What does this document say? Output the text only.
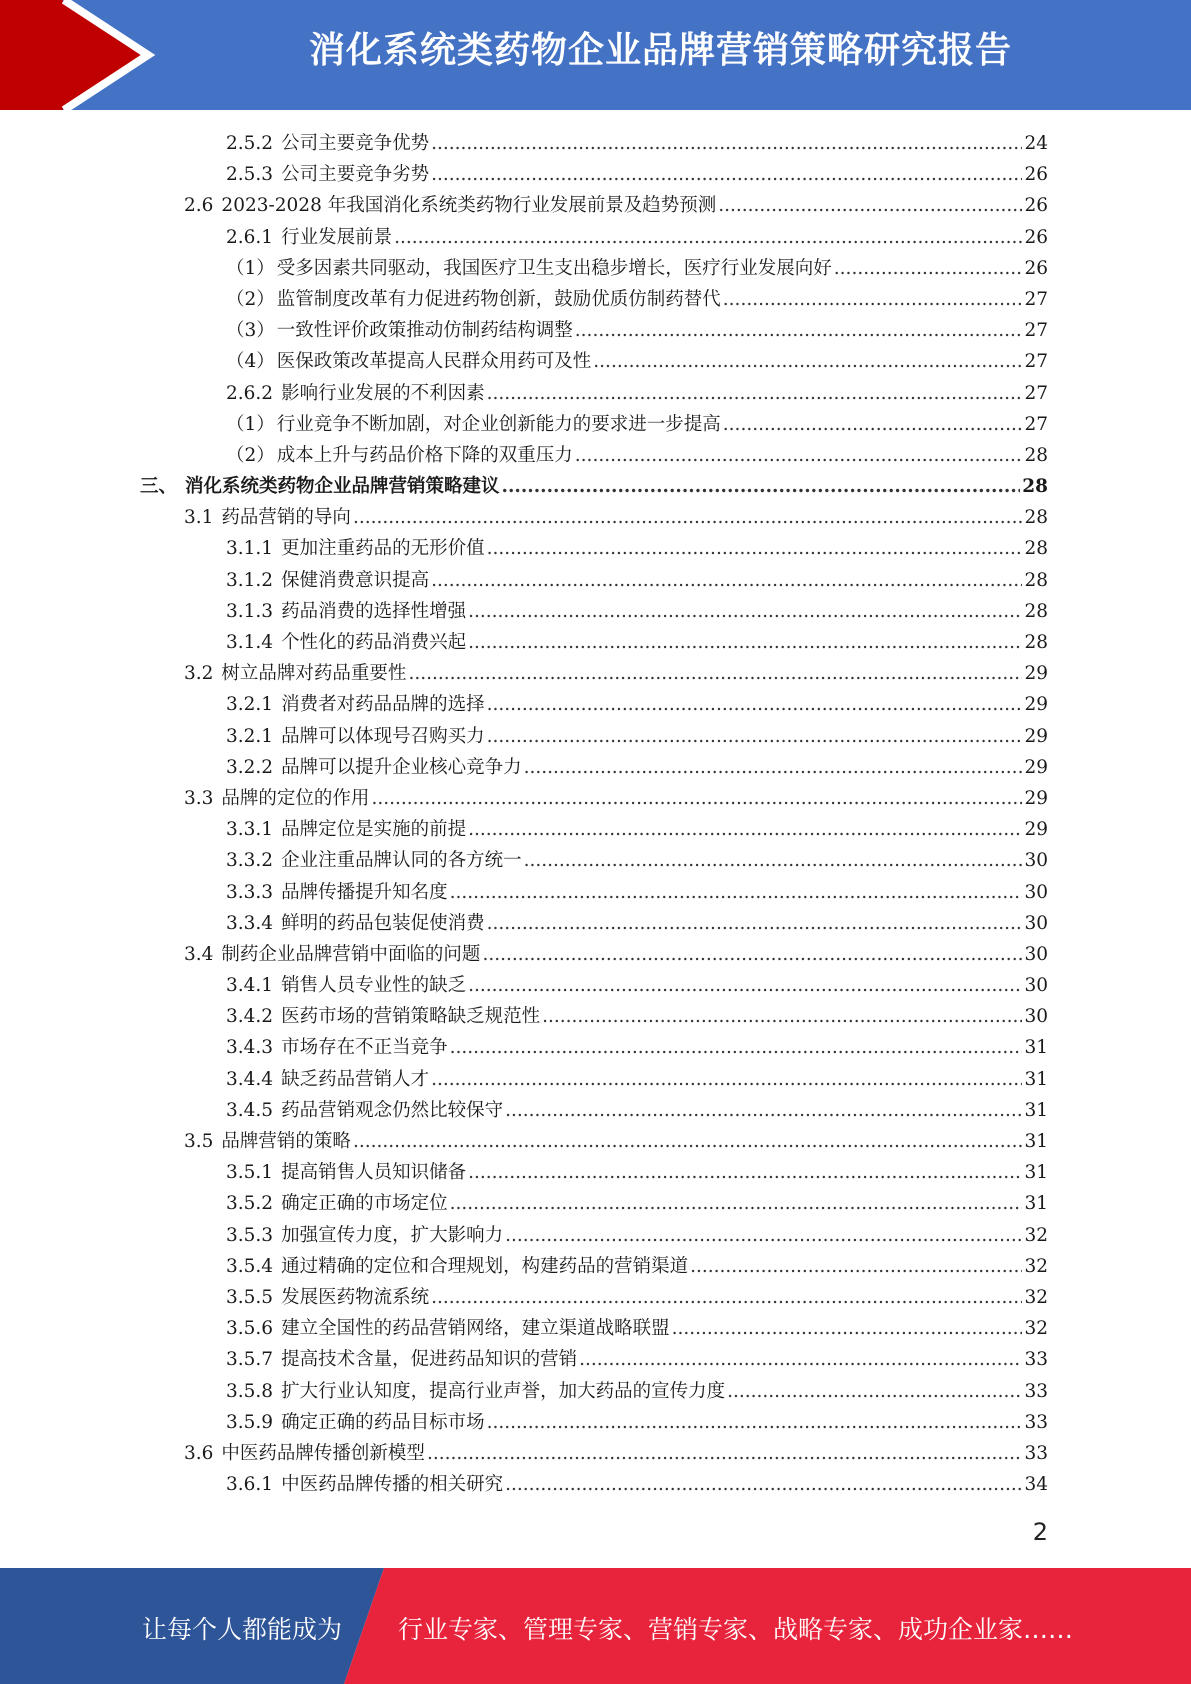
消化系统类药物企业品牌营销策略研究报告
2.5.2 公司主要竞争优势 .....	24
2.5.3 公司主要竞争劣势 .....	26
2.6 2023-2028 年我国消化系统类药物行业发展前景及趋势预测 .....	26
2.6.1 行业发展前景 .....	26
（1） 受多因素共同驱动，我国医疗卫生支出稳步增长，医疗行业发展向好 .....	26
（2） 监管制度改革有力促进药物创新，鼓励优质仿制药替代 .....	27
（3） 一致性评价政策推动仿制药结构调整 .....	27
（4） 医保政策改革提高人民群众用药可及性 .....	27
2.6.2 影响行业发展的不利因素 .....	27
（1） 行业竞争不断加剧，对企业创新能力的要求进一步提高 .....	27
（2） 成本上升与药品价格下降的双重压力 .....	28
三、 消化系统类药物企业品牌营销策略建议 .....	28
3.1 药品营销的导向 .....	28
3.1.1 更加注重药品的无形价值 .....	28
3.1.2 保健消费意识提高 .....	28
3.1.3 药品消费的选择性增强 .....	28
3.1.4 个性化的药品消费兴起 .....	28
3.2 树立品牌对药品重要性 .....	29
3.2.1 消费者对药品品牌的选择 .....	29
3.2.1 品牌可以体现号召购买力 .....	29
3.2.2 品牌可以提升企业核心竞争力 .....	29
3.3 品牌的定位的作用 .....	29
3.3.1 品牌定位是实施的前提 .....	29
3.3.2 企业注重品牌认同的各方统一 .....	30
3.3.3 品牌传播提升知名度 .....	30
3.3.4 鲜明的药品包装促使消费 .....	30
3.4 制药企业品牌营销中面临的问题 .....	30
3.4.1 销售人员专业性的缺乏 .....	30
3.4.2 医药市场的营销策略缺乏规范性 .....	30
3.4.3 市场存在不正当竞争 .....	31
3.4.4 缺乏药品营销人才 .....	31
3.4.5 药品营销观念仍然比较保守 .....	31
3.5 品牌营销的策略 .....	31
3.5.1 提高销售人员知识储备 .....	31
3.5.2 确定正确的市场定位 .....	31
3.5.3 加强宣传力度，扩大影响力 .....	32
3.5.4 通过精确的定位和合理规划，构建药品的营销渠道 .....	32
3.5.5 发展医药物流系统 .....	32
3.5.6 建立全国性的药品营销网络，建立渠道战略联盟 .....	32
3.5.7 提高技术含量，促进药品知识的营销 .....	33
3.5.8 扩大行业认知度，提高行业声誉，加大药品的宣传力度 .....	33
3.5.9 确定正确的药品目标市场 .....	33
3.6 中医药品牌传播创新模型 .....	33
3.6.1 中医药品牌传播的相关研究 .....	34
2
让每个人都能成为 行业专家、管理专家、营销专家、战略专家、成功企业家……
